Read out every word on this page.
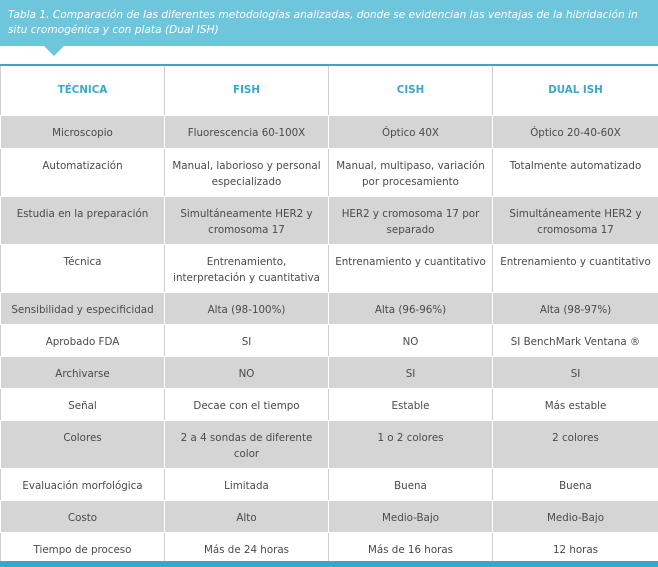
Tabla 1. Comparación de las diferentes metodologías analizadas, donde se evidencian las ventajas de la hibridación in situ cromogénica y con plata (Dual ISH)
TÉCNICA	FISH	CISH	DUAL ISH
Microscopio	Fluorescencia 60-100X	Óptico 40X	Óptico 20-40-60X
Automatización	Manual, laborioso y personal especializado	Manual, multipaso, variación por procesamiento	Totalmente automatizado
Estudia en la preparación	Simultáneamente HER2 y cromosoma 17	HER2 y cromosoma 17 por separado	Simultáneamente HER2 y cromosoma 17
Técnica	Entrenamiento, interpretación y cuantitativa	Entrenamiento y cuantitativo	Entrenamiento y cuantitativo
Sensibilidad y especificidad	Alta (98-100%)	Alta (96-96%)	Alta (98-97%)
Aprobado FDA	SI	NO	SI BenchMark Ventana ®
Archivarse	NO	SI	SI
Señal	Decae con el tiempo	Estable	Más estable
Colores	2 a 4 sondas de diferente color	1 o 2 colores	2 colores
Evaluación morfológica	Limitada	Buena	Buena
Costo	Alto	Medio-Bajo	Medio-Bajo
Tiempo de proceso	Más de 24 horas	Más de 16 horas	12 horas
